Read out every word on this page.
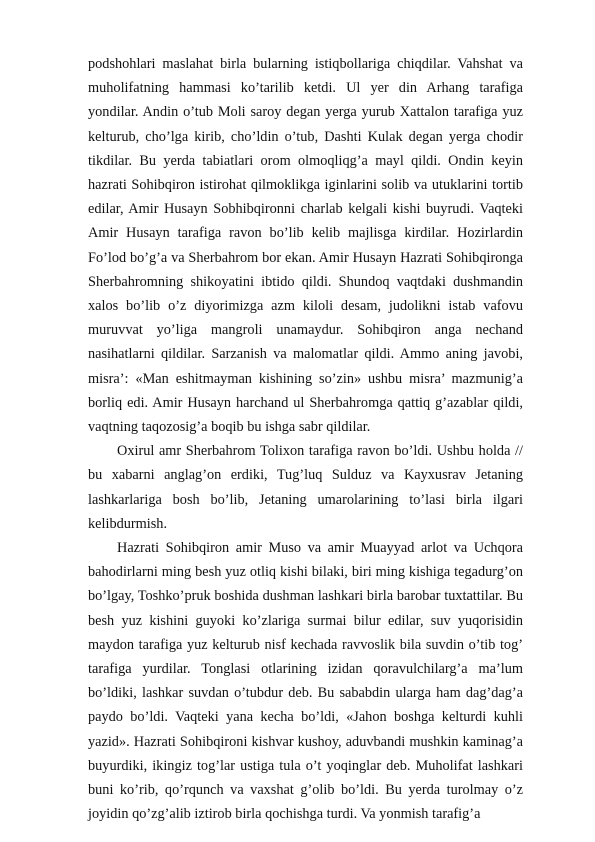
podshohlari maslahat birla bularning istiqbollariga chiqdilar. Vahshat va muholifatning hammasi ko’tarilib ketdi. Ul yer din Arhang tarafiga yondilar. Andin o’tub Moli saroy degan yerga yurub Xattalon tarafiga yuz kelturub, cho’lga kirib, cho’ldin o’tub, Dashti Kulak degan yerga chodir tikdilar. Bu yerda tabiatlari orom olmoqliqg’a mayl qildi. Ondin keyin hazrati Sohibqiron istirohat qilmoklikga iginlarini solib va utuklarini tortib edilar, Amir Husayn Sobhibqironni charlab kelgali kishi buyrudi. Vaqteki Amir Husayn tarafiga ravon bo’lib kelib majlisga kirdilar. Hozirlardin Fo’lod bo’g’a va Sherbahrom bor ekan. Amir Husayn Hazrati Sohibqironga Sherbahromning shikoyatini ibtido qildi. Shundoq vaqtdaki dushmandin xalos bo’lib o’z diyorimizga azm kiloli desam, judolikni istab vafovu muruvvat yo’liga mangroli unamaydur. Sohibqiron anga nechand nasihatlarni qildilar. Sarzanish va malomatlar qildi. Ammo aning javobi, misra’: «Man eshitmayman kishining so’zin» ushbu misra’ mazmunig’a borliq edi. Amir Husayn harchand ul Sherbahromga qattiq g’azablar qildi, vaqtning taqozosig’a boqib bu ishga sabr qildilar.

Oxirul amr Sherbahrom Tolixon tarafiga ravon bo’ldi. Ushbu holda // bu xabarni anglag’on erdiki, Tug’luq Sulduz va Kayxusrav Jetaning lashkarlariga bosh bo’lib, Jetaning umarolarining to’lasi birla ilgari kelibdurmish.

Hazrati Sohibqiron amir Muso va amir Muayyad arlot va Uchqora bahodirlarni ming besh yuz otliq kishi bilaki, biri ming kishiga tegadurg’on bo’lgay, Toshko’pruk boshida dushman lashkari birla barobar tuxtattilar. Bu besh yuz kishini guyoki ko’zlariga surmai bilur edilar, suv yuqorisidin maydon tarafiga yuz kelturub nisf kechada ravvoslik bila suvdin o’tib tog’ tarafiga yurdilar. Tonglasi otlarining izidan qoravulchilarg’a ma’lum bo’ldiki, lashkar suvdan o’tubdur deb. Bu sababdin ularga ham dag’dag’a paydo bo’ldi. Vaqteki yana kecha bo’ldi, «Jahon boshga kelturdi kuhli yazid». Hazrati Sohibqironi kishvar kushoy, aduvbandi mushkin kaminag’a buyurdiki, ikingiz tog’lar ustiga tula o’t yoqinglar deb. Muholifat lashkari buni ko’rib, qo’rqunch va vaxshat g’olib bo’ldi. Bu yerda turolmay o’z joyidin qo’zg’alib iztirob birla qochishga turdi. Va yonmish tarafig’a
